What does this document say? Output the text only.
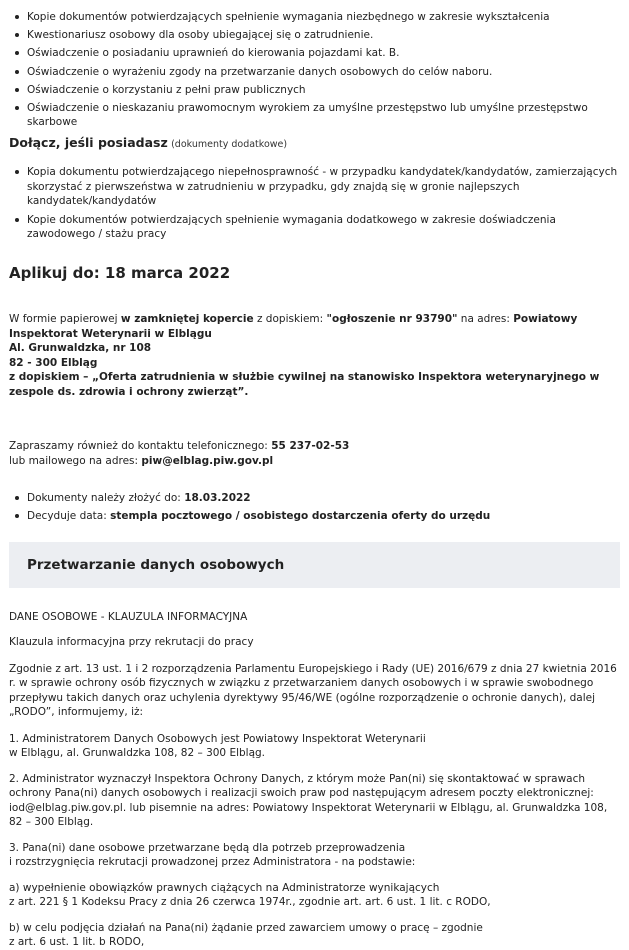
Kopie dokumentów potwierdzających spełnienie wymagania niezbędnego w zakresie wykształcenia
Kwestionariusz osobowy dla osoby ubiegającej się o zatrudnienie.
Oświadczenie o posiadaniu uprawnień do kierowania pojazdami kat. B.
Oświadczenie o wyrażeniu zgody na przetwarzanie danych osobowych do celów naboru.
Oświadczenie o korzystaniu z pełni praw publicznych
Oświadczenie o nieskazaniu prawomocnym wyrokiem za umyślne przestępstwo lub umyślne przestępstwo skarbowe
Dołącz, jeśli posiadasz (dokumenty dodatkowe)
Kopia dokumentu potwierdzającego niepełnosprawność - w przypadku kandydatek/kandydatów, zamierzających skorzystać z pierwszeństwa w zatrudnieniu w przypadku, gdy znajdą się w gronie najlepszych kandydatek/kandydatów
Kopie dokumentów potwierdzających spełnienie wymagania dodatkowego w zakresie doświadczenia zawodowego / stażu pracy
Aplikuj do: 18 marca 2022

W formie papierowej w zamkniętej kopercie z dopiskiem: "ogłoszenie nr 93790" na adres: Powiatowy Inspektorat Weterynarii w Elblągu

Al. Grunwaldzka, nr 108

82 - 300 Elbląg

z dopiskiem – „Oferta zatrudnienia w służbie cywilnej na stanowisko Inspektora weterynaryjnego w zespole ds. zdrowia i ochrony zwierząt”.

Zapraszamy również do kontaktu telefonicznego: 55 237-02-53

lub mailowego na adres: piw@elblag.piw.gov.pl

Dokumenty należy złożyć do: 18.03.2022
Decyduje data: stempla pocztowego / osobistego dostarczenia oferty do urzędu
Przetwarzanie danych osobowych

DANE OSOBOWE - KLAUZULA INFORMACYJNA

Klauzula informacyjna przy rekrutacji do pracy

Zgodnie z art. 13 ust. 1 i 2 rozporządzenia Parlamentu Europejskiego i Rady (UE) 2016/679 z dnia 27 kwietnia 2016 r. w sprawie ochrony osób fizycznych w związku z przetwarzaniem danych osobowych i w sprawie swobodnego przepływu takich danych oraz uchylenia dyrektywy 95/46/WE (ogólne rozporządzenie o ochronie danych), dalej „RODO”, informujemy, iż:

1. Administratorem Danych Osobowych jest Powiatowy Inspektorat Weterynarii
w Elblągu, al. Grunwaldzka 108, 82 – 300 Elbląg.

2. Administrator wyznaczył Inspektora Ochrony Danych, z którym może Pan(ni) się skontaktować w sprawach ochrony Pana(ni) danych osobowych i realizacji swoich praw pod następującym adresem poczty elektronicznej: iod@elblag.piw.gov.pl. lub pisemnie na adres: Powiatowy Inspektorat Weterynarii w Elblągu, al. Grunwaldzka 108, 82 – 300 Elbląg.

3. Pana(ni) dane osobowe przetwarzane będą dla potrzeb przeprowadzenia
i rozstrzygnięcia rekrutacji prowadzonej przez Administratora - na podstawie:

a) wypełnienie obowiązków prawnych ciążących na Administratorze wynikających
z art. 221 § 1 Kodeksu Pracy z dnia 26 czerwca 1974r., zgodnie art. art. 6 ust. 1 lit. c RODO,

b) w celu podjęcia działań na Pana(ni) żądanie przed zawarciem umowy o pracę – zgodnie
z art. 6 ust. 1 lit. b RODO,
